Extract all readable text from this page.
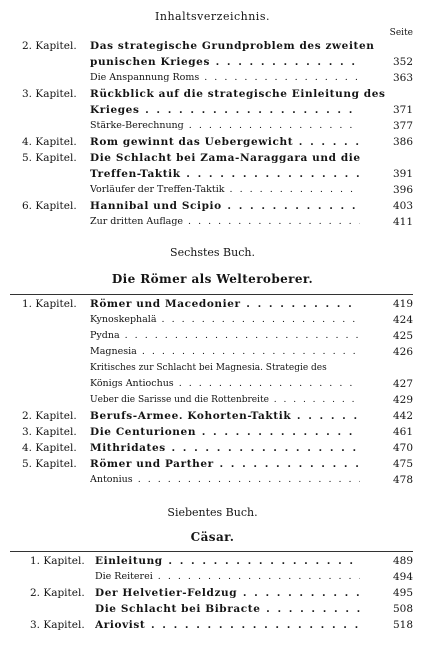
Inhaltsverzeichnis.
Seite
2. Kapitel. Das strategische Grundproblem des zweiten
punischen Krieges . . .	352
Die Anspannung Roms . . .	363
3. Kapitel. Rückblick auf die strategische Einleitung des
Krieges . . .	371
Stärke-Berechnung . . .	377
4. Kapitel. Rom gewinnt das Uebergewicht . . .	386
5. Kapitel. Die Schlacht bei Zama-Naraggara und die
Treffen-Taktik . . .	391
Vorläufer der Treffen-Taktik . . .	396
6. Kapitel. Hannibal und Scipio . . .	403
Zur dritten Auflage . . .	411
Sechstes Buch.
Die Römer als Welteroberer.
1. Kapitel. Römer und Macedonier . . .	419
Kynoskephalä . . .	424
Pydna . . .	425
Magnesia . . .	426
Kritisches zur Schlacht bei Magnesia. Strategie des
Königs Antiochus . . .	427
Ueber die Sarisse und die Rottenbreite . . .	429
2. Kapitel. Berufs-Armee. Kohorten-Taktik . . .	442
3. Kapitel. Die Centurionen . . .	461
4. Kapitel. Mithridates . . .	470
5. Kapitel. Römer und Parther . . .	475
Antonius . . .	478
Siebentes Buch.
Cäsar.
1. Kapitel. Einleitung . . .	489
Die Reiterei . . .	494
2. Kapitel. Der Helvetier-Feldzug . . .	495
Die Schlacht bei Bibracte . . .	508
3. Kapitel. Ariovist . . .	518
